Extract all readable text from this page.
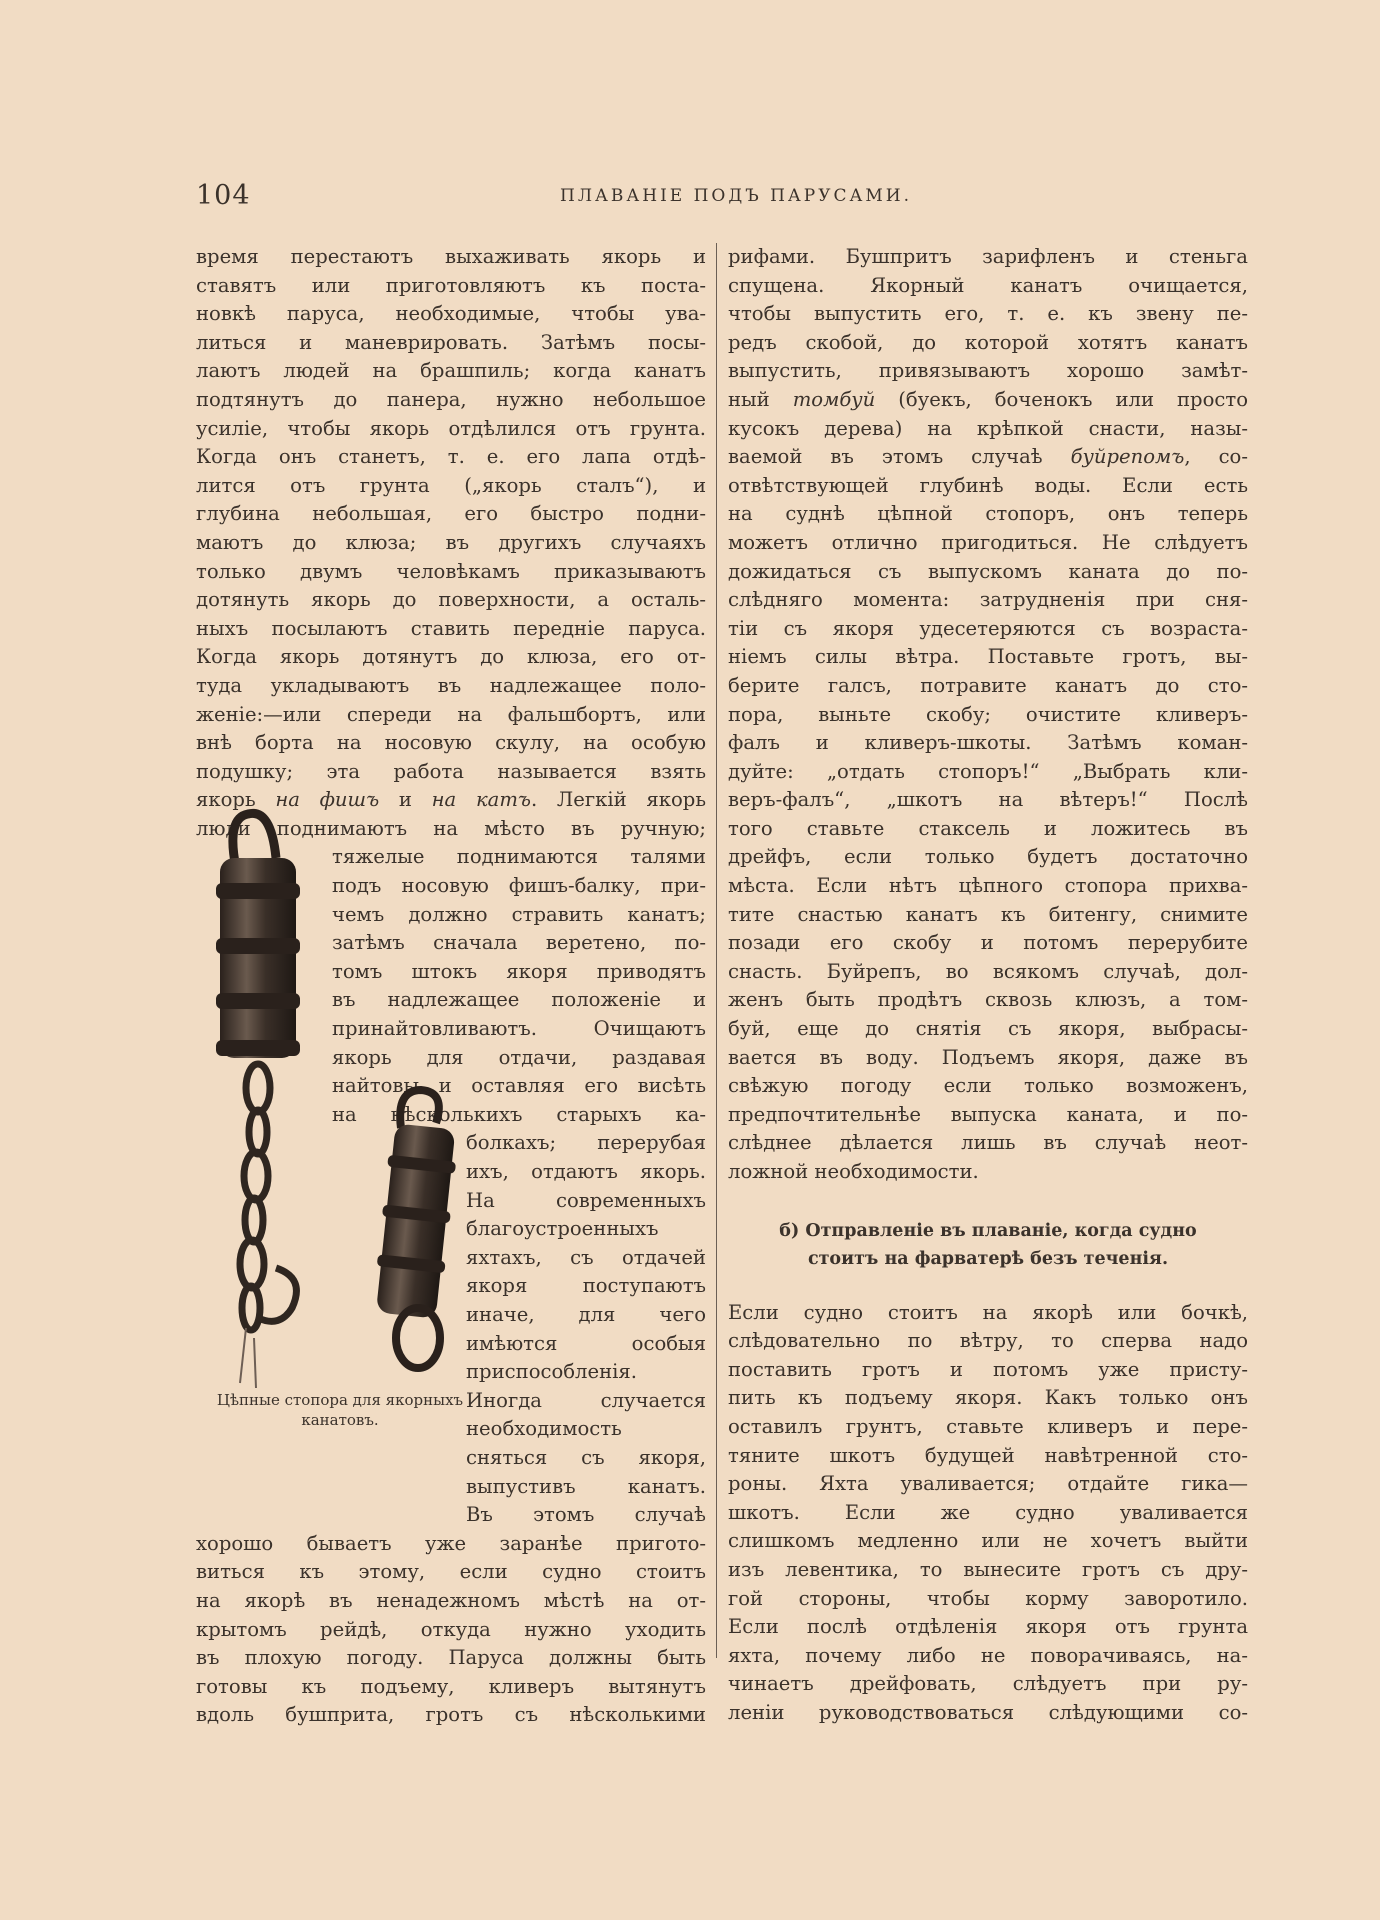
104	ПЛАВАНІЕ ПОДЪ ПАРУСАМИ.

время перестаютъ выхаживать якорь и

ставятъ или приготовляютъ къ поста-

новкѣ паруса, необходимые, чтобы ува-

литься и маневрировать. Затѣмъ посы-

лаютъ людей на брашпиль; когда канатъ

подтянутъ до панера, нужно небольшое

усиліе, чтобы якорь отдѣлился отъ грунта.

Когда онъ станетъ, т. е. его лапа отдѣ-

лится отъ грунта („якорь сталъ“), и

глубина небольшая, его быстро подни-

маютъ до клюза; въ другихъ случаяхъ

только двумъ человѣкамъ приказываютъ

дотянуть якорь до поверхности, а осталь-

ныхъ посылаютъ ставить передніе паруса.

Когда якорь дотянутъ до клюза, его от-

туда укладываютъ въ надлежащее поло-

женіе:—или спереди на фальшбортъ, или

внѣ борта на носовую скулу, на особую

подушку; эта работа называется взять

якорь на фишъ и на катъ. Легкій якорь

люди поднимаютъ на мѣсто въ ручную;

тяжелые поднимаются талями

подъ носовую фишъ-балку, при-

чемъ должно стравить канатъ;

затѣмъ сначала веретено, по-

томъ штокъ якоря приводятъ

въ надлежащее положеніе и

принайтовливаютъ. Очищаютъ

якорь для отдачи, раздавая

найтовы и оставляя его висѣть

на нѣсколькихъ старыхъ ка-

болкахъ; перерубая

ихъ, отдаютъ якорь.

На современныхъ

благоустроенныхъ

яхтахъ, съ отдачей

якоря поступаютъ

иначе, для чего

имѣются особыя

приспособленія.

Иногда случается

необходимость

сняться съ якоря,

выпустивъ канатъ.

Въ этомъ случаѣ

хорошо бываетъ уже заранѣе пригото-

виться къ этому, если судно стоитъ

на якорѣ въ ненадежномъ мѣстѣ на от-

крытомъ рейдѣ, откуда нужно уходить

въ плохую погоду. Паруса должны быть

готовы къ подъему, кливеръ вытянутъ

вдоль бушприта, гротъ съ нѣсколькими

Цѣпные стопора для якорныхъ канатовъ.

рифами. Бушпритъ зарифленъ и стеньга

спущена. Якорный канатъ очищается,

чтобы выпустить его, т. е. къ звену пе-

редъ скобой, до которой хотятъ канатъ

выпустить, привязываютъ хорошо замѣт-

ный томбуй (буекъ, боченокъ или просто

кусокъ дерева) на крѣпкой снасти, назы-

ваемой въ этомъ случаѣ буйрепомъ, со-

отвѣтствующей глубинѣ воды. Если есть

на суднѣ цѣпной стопоръ, онъ теперь

можетъ отлично пригодиться. Не слѣдуетъ

дожидаться съ выпускомъ каната до по-

слѣдняго момента: затрудненія при сня-

тіи съ якоря удесетеряются съ возраста-

ніемъ силы вѣтра. Поставьте гротъ, вы-

берите галсъ, потравите канатъ до сто-

пора, выньте скобу; очистите кливеръ-

фалъ и кливеръ-шкоты. Затѣмъ коман-

дуйте: „отдать стопоръ!“ „Выбрать кли-

веръ-фалъ“, „шкотъ на вѣтеръ!“ Послѣ

того ставьте стаксель и ложитесь въ

дрейфъ, если только будетъ достаточно

мѣста. Если нѣтъ цѣпного стопора прихва-

тите снастью канатъ къ битенгу, снимите

позади его скобу и потомъ перерубите

снасть. Буйрепъ, во всякомъ случаѣ, дол-

женъ быть продѣтъ сквозь клюзъ, а том-

буй, еще до снятія съ якоря, выбрасы-

вается въ воду. Подъемъ якоря, даже въ

свѣжую погоду если только возможенъ,

предпочтительнѣе выпуска каната, и по-

слѣднее дѣлается лишь въ случаѣ неот-

ложной необходимости.

б) Отправленіе въ плаваніе, когда судно
стоитъ на фарватерѣ безъ теченія.

Если судно стоитъ на якорѣ или бочкѣ,

слѣдовательно по вѣтру, то сперва надо

поставить гротъ и потомъ уже присту-

пить къ подъему якоря. Какъ только онъ

оставилъ грунтъ, ставьте кливеръ и пере-

тяните шкотъ будущей навѣтренной сто-

роны. Яхта уваливается; отдайте гика—

шкотъ. Если же судно уваливается

слишкомъ медленно или не хочетъ выйти

изъ левентика, то вынесите гротъ съ дру-

гой стороны, чтобы корму заворотило.

Если послѣ отдѣленія якоря отъ грунта

яхта, почему либо не поворачиваясь, на-

чинаетъ дрейфовать, слѣдуетъ при ру-

леніи руководствоваться слѣдующими со-
